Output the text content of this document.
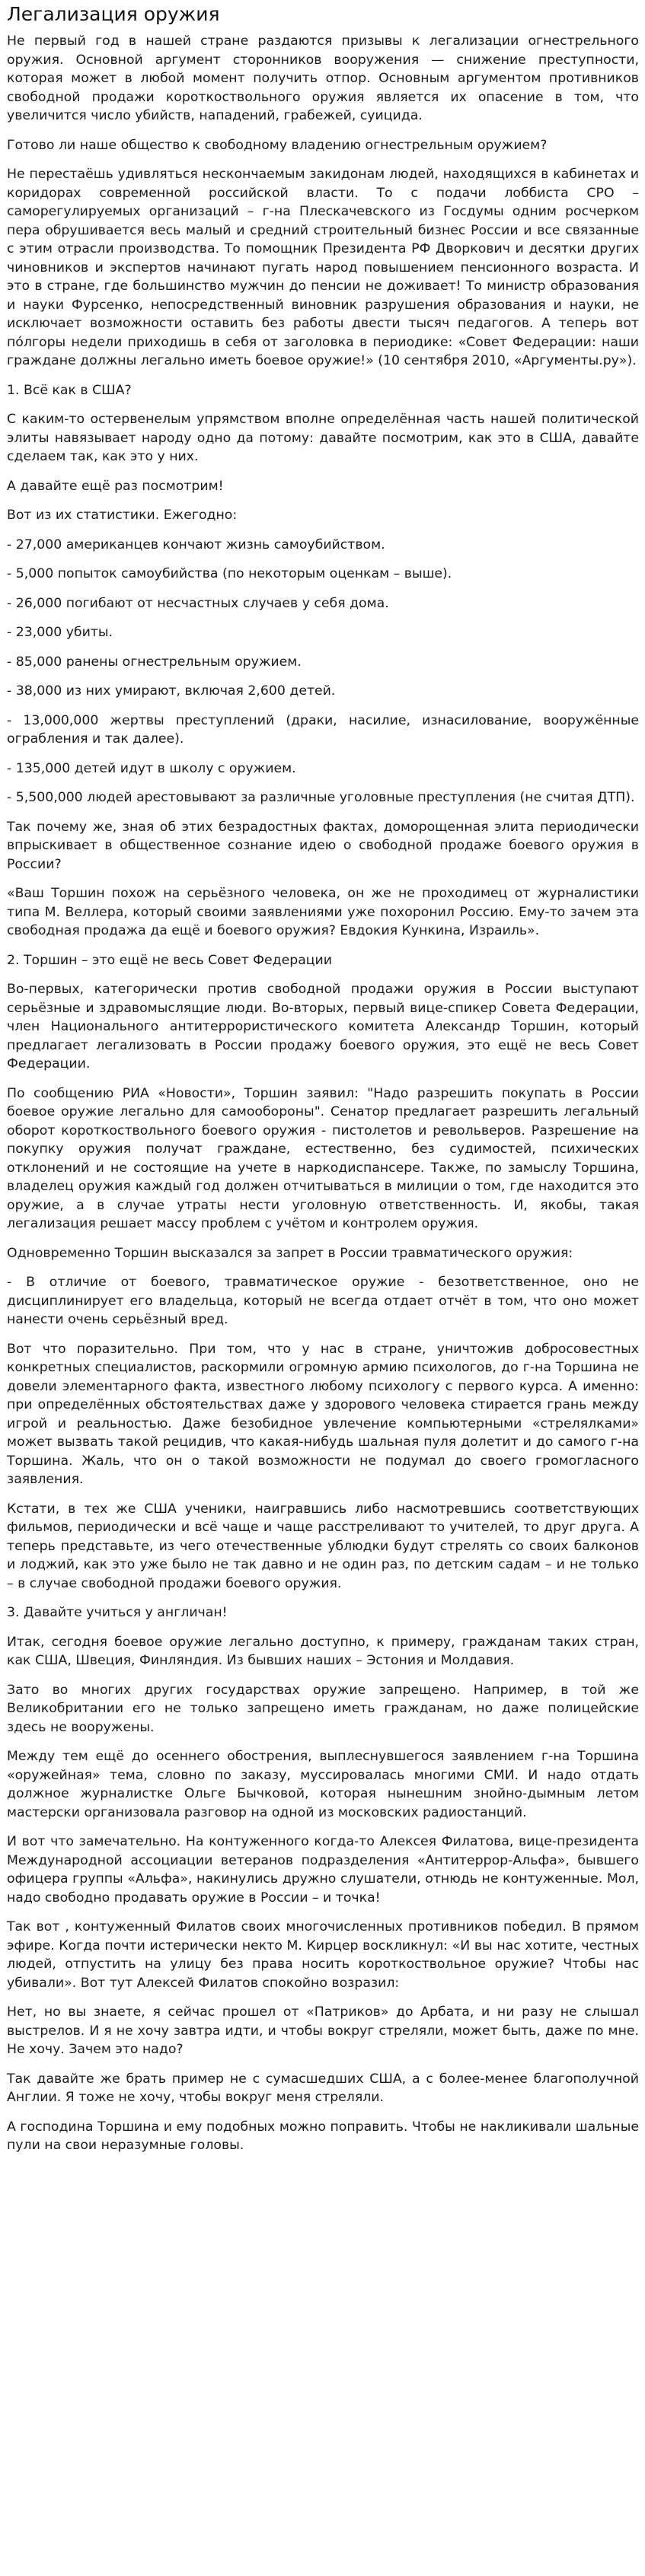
Легализация оружия

Не первый год в нашей стране раздаются призывы к легализации огнестрельного оружия. Основной аргумент сторонников вооружения — снижение преступности, которая может в любой момент получить отпор. Основным аргументом противников свободной продажи короткоствольного оружия является их опасение в том, что увеличится число убийств, нападений, грабежей, суицида.

Готово ли наше общество к свободному владению огнестрельным оружием?

Не перестаёшь удивляться нескончаемым закидонам людей, находящихся в кабинетах и коридорах современной российской власти. То с подачи лоббиста СРО – саморегулируемых организаций – г-на Плескачевского из Госдумы одним росчерком пера обрушивается весь малый и средний строительный бизнес России и все связанные с этим отрасли производства. То помощник Президента РФ Дворкович и десятки других чиновников и экспертов начинают пугать народ повышением пенсионного возраста. И это в стране, где большинство мужчин до пенсии не доживает! То министр образования и науки Фурсенко, непосредственный виновник разрушения образования и науки, не исключает возможности оставить без работы двести тысяч педагогов. А теперь вот по́лгоры недели приходишь в себя от заголовка в периодике: «Совет Федерации: наши граждане должны легально иметь боевое оружие!» (10 сентября 2010, «Аргументы.ру»).

1. Всё как в США?

С каким-то остервенелым упрямством вполне определённая часть нашей политической элиты навязывает народу одно да потому: давайте посмотрим, как это в США, давайте сделаем так, как это у них.

А давайте ещё раз посмотрим!

Вот из их статистики. Ежегодно:

- 27,000 американцев кончают жизнь самоубийством.

- 5,000 попыток самоубийства (по некоторым оценкам – выше).

- 26,000 погибают от несчастных случаев у себя дома.

- 23,000 убиты.

- 85,000 ранены огнестрельным оружием.

- 38,000 из них умирают, включая 2,600 детей.

- 13,000,000 жертвы преступлений (драки, насилие, изнасилование, вооружённые ограбления и так далее).

- 135,000 детей идут в школу с оружием.

- 5,500,000 людей арестовывают за различные уголовные преступления (не считая ДТП).

Так почему же, зная об этих безрадостных фактах, доморощенная элита периодически впрыскивает в общественное сознание идею о свободной продаже боевого оружия в России?

«Ваш Торшин похож на серьёзного человека, он же не проходимец от журналистики типа М. Веллера, который своими заявлениями уже похоронил Россию. Ему-то зачем эта свободная продажа да ещё и боевого оружия? Евдокия Кункина, Израиль».

2. Торшин – это ещё не весь Совет Федерации

Во-первых, категорически против свободной продажи оружия в России выступают серьёзные и здравомыслящие люди. Во-вторых, первый вице-спикер Совета Федерации, член Национального антитеррористического комитета Александр Торшин, который предлагает легализовать в России продажу боевого оружия, это ещё не весь Совет Федерации.

По сообщению РИА «Новости», Торшин заявил: "Надо разрешить покупать в России боевое оружие легально для самообороны". Сенатор предлагает разрешить легальный оборот короткоствольного боевого оружия - пистолетов и револьверов. Разрешение на покупку оружия получат граждане, естественно, без судимостей, психических отклонений и не состоящие на учете в наркодиспансере. Также, по замыслу Торшина, владелец оружия каждый год должен отчитываться в милиции о том, где находится это оружие, а в случае утраты нести уголовную ответственность. И, якобы, такая легализация решает массу проблем с учётом и контролем оружия.

Одновременно Торшин высказался за запрет в России травматического оружия:

- В отличие от боевого, травматическое оружие - безответственное, оно не дисциплинирует его владельца, который не всегда отдает отчёт в том, что оно может нанести очень серьёзный вред.

Вот что поразительно. При том, что у нас в стране, уничтожив добросовестных конкретных специалистов, раскормили огромную армию психологов, до г-на Торшина не довели элементарного факта, известного любому психологу с первого курса. А именно: при определённых обстоятельствах даже у здорового человека стирается грань между игрой и реальностью. Даже безобидное увлечение компьютерными «стрелялками» может вызвать такой рецидив, что какая-нибудь шальная пуля долетит и до самого г-на Торшина. Жаль, что он о такой возможности не подумал до своего громогласного заявления.

Кстати, в тех же США ученики, наигравшись либо насмотревшись соответствующих фильмов, периодически и всё чаще и чаще расстреливают то учителей, то друг друга. А теперь представьте, из чего отечественные ублюдки будут стрелять со своих балконов и лоджий, как это уже было не так давно и не один раз, по детским садам – и не только – в случае свободной продажи боевого оружия.

3. Давайте учиться у англичан!

Итак, сегодня боевое оружие легально доступно, к примеру, гражданам таких стран, как США, Швеция, Финляндия. Из бывших наших – Эстония и Молдавия.

Зато во многих других государствах оружие запрещено. Например, в той же Великобритании его не только запрещено иметь гражданам, но даже полицейские здесь не вооружены.

Между тем ещё до осеннего обострения, выплеснувшегося заявлением г-на Торшина «оружейная» тема, словно по заказу, муссировалась многими СМИ. И надо отдать должное журналистке Ольге Бычковой, которая нынешним знойно-дымным летом мастерски организовала разговор на одной из московских радиостанций.

И вот что замечательно. На контуженного когда-то Алексея Филатова, вице-президента Международной ассоциации ветеранов подразделения «Антитеррор-Альфа», бывшего офицера группы «Альфа», накинулись дружно слушатели, отнюдь не контуженные. Мол, надо свободно продавать оружие в России – и точка!

Так вот , контуженный Филатов своих многочисленных противников победил. В прямом эфире. Когда почти истерически некто М. Кирцер воскликнул: «И вы нас хотите, честных людей, отпустить на улицу без права носить короткоствольное оружие? Чтобы нас убивали». Вот тут Алексей Филатов спокойно возразил:

Нет, но вы знаете, я сейчас прошел от «Патриков» до Арбата, и ни разу не слышал выстрелов. И я не хочу завтра идти, и чтобы вокруг стреляли, может быть, даже по мне. Не хочу. Зачем это надо?

Так давайте же брать пример не с сумасшедших США, а с более-менее благополучной Англии. Я тоже не хочу, чтобы вокруг меня стреляли.

А господина Торшина и ему подобных можно поправить. Чтобы не накликивали шальные пули на свои неразумные головы.
